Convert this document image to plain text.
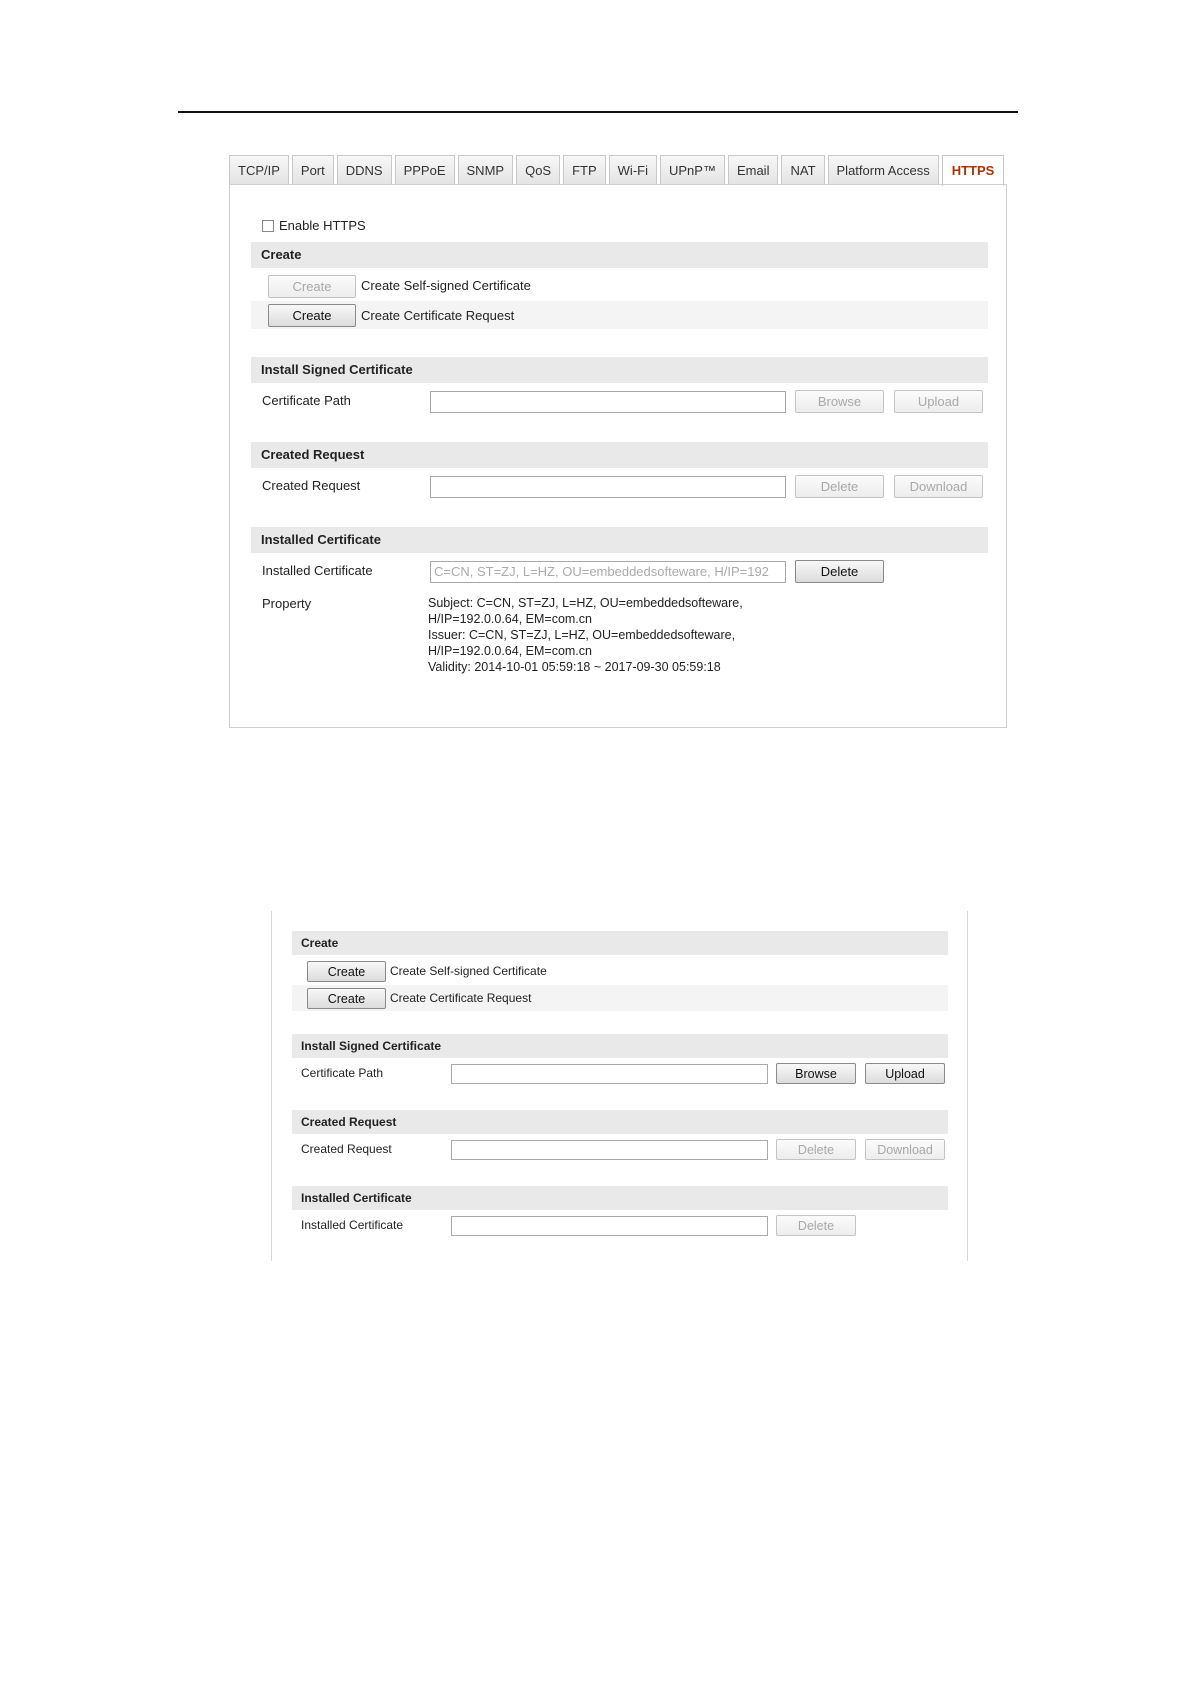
TCP/IP	Port	DDNS	PPPoE	SNMP	QoS	FTP	Wi-Fi	UPnP™	Email	NAT	Platform Access	HTTPS
Enable HTTPS
Create
Create	Create Self-signed Certificate
Create	Create Certificate Request
Install Signed Certificate
Certificate Path	Browse	Upload
Created Request
Created Request	Delete	Download
Installed Certificate
Installed Certificate	C=CN, ST=ZJ, L=HZ, OU=embeddedsofteware, H/IP=192	Delete
Property	Subject: C=CN, ST=ZJ, L=HZ, OU=embeddedsofteware,
H/IP=192.0.0.64, EM=com.cn
Issuer: C=CN, ST=ZJ, L=HZ, OU=embeddedsofteware,
H/IP=192.0.0.64, EM=com.cn
Validity: 2014-10-01 05:59:18 ~ 2017-09-30 05:59:18
Create
Create	Create Self-signed Certificate
Create	Create Certificate Request
Install Signed Certificate
Certificate Path	Browse	Upload
Created Request
Created Request	Delete	Download
Installed Certificate
Installed Certificate	Delete
